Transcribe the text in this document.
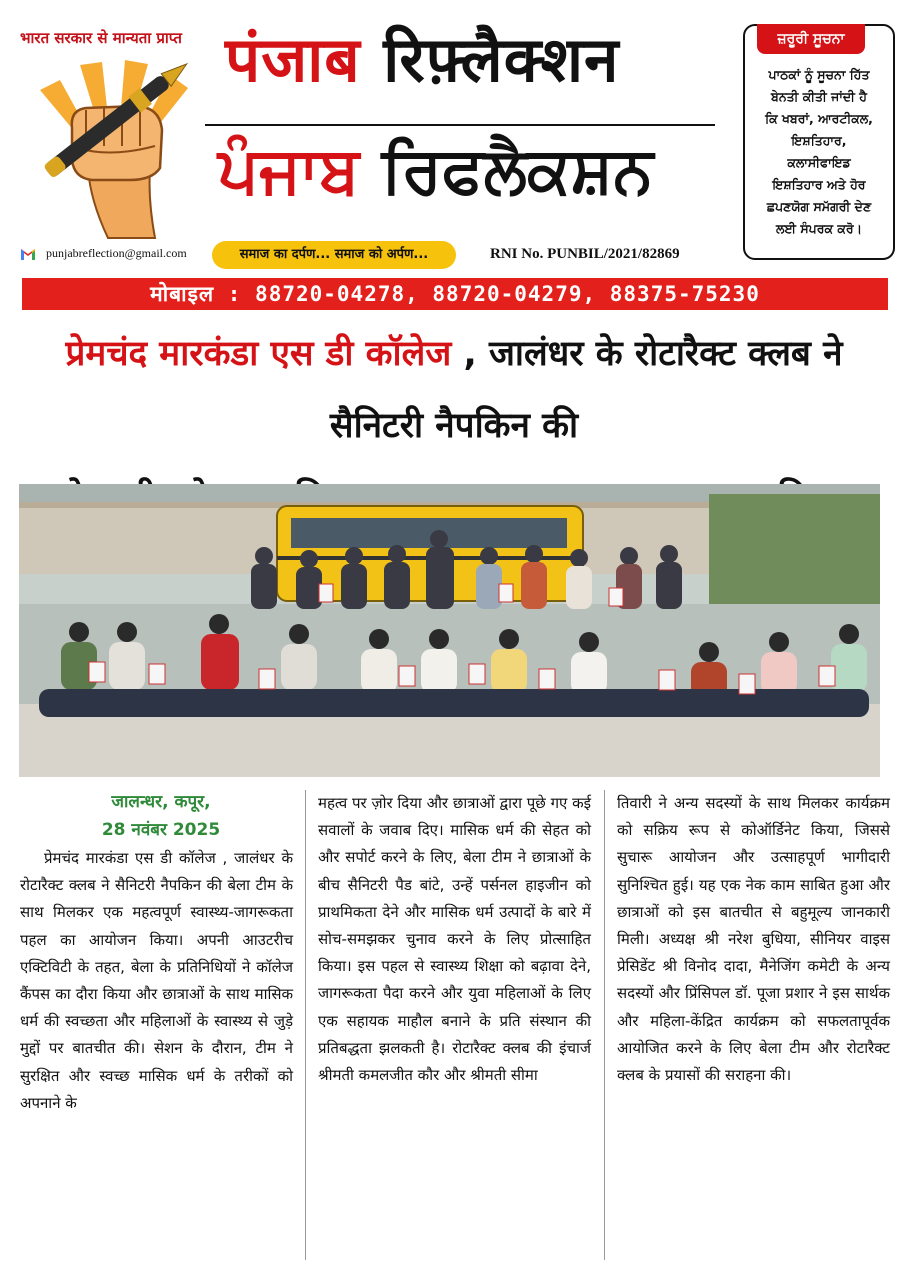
भारत सरकार से मान्यता प्राप्त पंजाब रिफ़्लैक्शन
ਪੰਜਾਬ ਰਿਫਲੈਕਸ਼ਨ
ਜ਼ਰੂਰੀ ਸੂਚਨਾ
ਪਾਠਕਾਂ ਨੂੰ ਸੂਚਨਾ ਹਿੱਤ
ਬੇਨਤੀ ਕੀਤੀ ਜਾਂਦੀ ਹੈ
ਕਿ ਖਬਰਾਂ, ਆਰਟੀਕਲ,
ਇਸ਼ਤਿਹਾਰ,
ਕਲਾਸੀਫਾਇਡ
ਇਸ਼ਤਿਹਾਰ ਅਤੇ ਹੋਰ
ਛਪਣਯੋਗ ਸਮੱਗਰੀ ਦੇਣ
ਲਈ ਸੰਪਰਕ ਕਰੋ।
punjabreflection@gmail.com	समाज का दर्पण... समाज को अर्पण...	RNI No. PUNBIL/2021/82869
मोबाइल : 88720-04278, 88720-04279, 88375-75230
प्रेमचंद मारकंडा एस डी कॉलेज , जालंधर के रोटारैक्ट क्लब ने सैनिटरी नैपकिन की
जालन्धर, कपूर,
28 नवंबर 2025
प्रेमचंद मारकंडा एस डी कॉलेज , जालंधर के रोटारैक्ट क्लब ने सैनिटरी नैपकिन की बेला टीम के साथ मिलकर एक महत्वपूर्ण स्वास्थ्य-जागरूकता पहल का आयोजन किया। अपनी आउटरीच एक्टिविटी के तहत, बेला के प्रतिनिधियों ने कॉलेज कैंपस का दौरा किया और छात्राओं के साथ मासिक धर्म की स्वच्छता और महिलाओं के स्वास्थ्य से जुड़े मुद्दों पर बातचीत की। सेशन के दौरान, टीम ने सुरक्षित और स्वच्छ मासिक धर्म के तरीकों को अपनाने के
महत्व पर ज़ोर दिया और छात्राओं द्वारा पूछे गए कई सवालों के जवाब दिए। मासिक धर्म की सेहत को और सपोर्ट करने के लिए, बेला टीम ने छात्राओं के बीच सैनिटरी पैड बांटे, उन्हें पर्सनल हाइजीन को प्राथमिकता देने और मासिक धर्म उत्पादों के बारे में सोच-समझकर चुनाव करने के लिए प्रोत्साहित किया। इस पहल से स्वास्थ्य शिक्षा को बढ़ावा देने, जागरूकता पैदा करने और युवा महिलाओं के लिए एक सहायक माहौल बनाने के प्रति संस्थान की प्रतिबद्धता झलकती है। रोटारैक्ट क्लब की इंचार्ज श्रीमती कमलजीत कौर और श्रीमती सीमा
तिवारी ने अन्य सदस्यों के साथ मिलकर कार्यक्रम को सक्रिय रूप से कोऑर्डिनेट किया, जिससे सुचारू आयोजन और उत्साहपूर्ण भागीदारी सुनिश्चित हुई। यह एक नेक काम साबित हुआ और छात्राओं को इस बातचीत से बहुमूल्य जानकारी मिली। अध्यक्ष श्री नरेश बुधिया, सीनियर वाइस प्रेसिडेंट श्री विनोद दादा, मैनेजिंग कमेटी के अन्य सदस्यों और प्रिंसिपल डॉ. पूजा प्रशार ने इस सार्थक और महिला-केंद्रित कार्यक्रम को सफलतापूर्वक आयोजित करने के लिए बेला टीम और रोटारैक्ट क्लब के प्रयासों की सराहना की।
